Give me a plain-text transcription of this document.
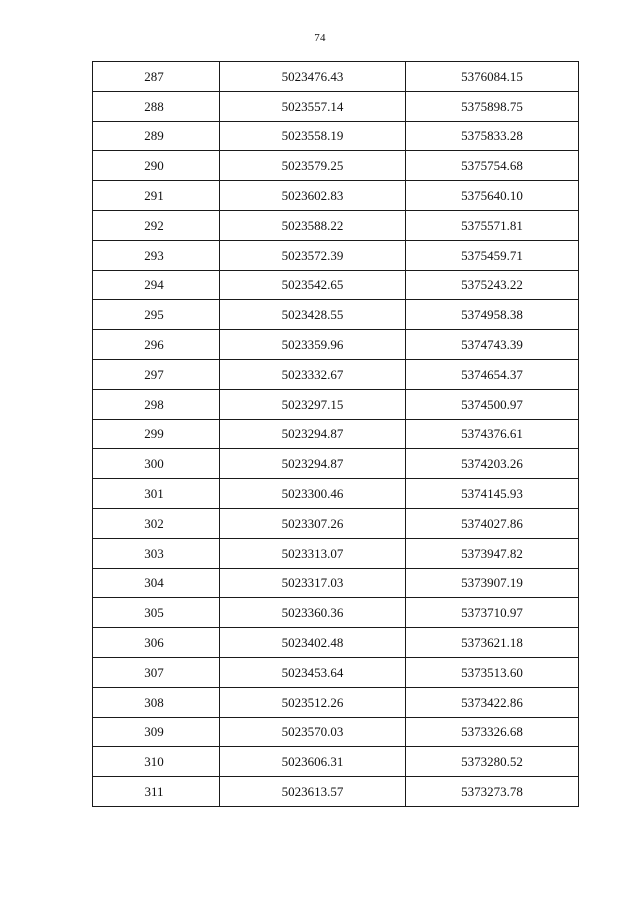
74
287	5023476.43	5376084.15
288	5023557.14	5375898.75
289	5023558.19	5375833.28
290	5023579.25	5375754.68
291	5023602.83	5375640.10
292	5023588.22	5375571.81
293	5023572.39	5375459.71
294	5023542.65	5375243.22
295	5023428.55	5374958.38
296	5023359.96	5374743.39
297	5023332.67	5374654.37
298	5023297.15	5374500.97
299	5023294.87	5374376.61
300	5023294.87	5374203.26
301	5023300.46	5374145.93
302	5023307.26	5374027.86
303	5023313.07	5373947.82
304	5023317.03	5373907.19
305	5023360.36	5373710.97
306	5023402.48	5373621.18
307	5023453.64	5373513.60
308	5023512.26	5373422.86
309	5023570.03	5373326.68
310	5023606.31	5373280.52
311	5023613.57	5373273.78
